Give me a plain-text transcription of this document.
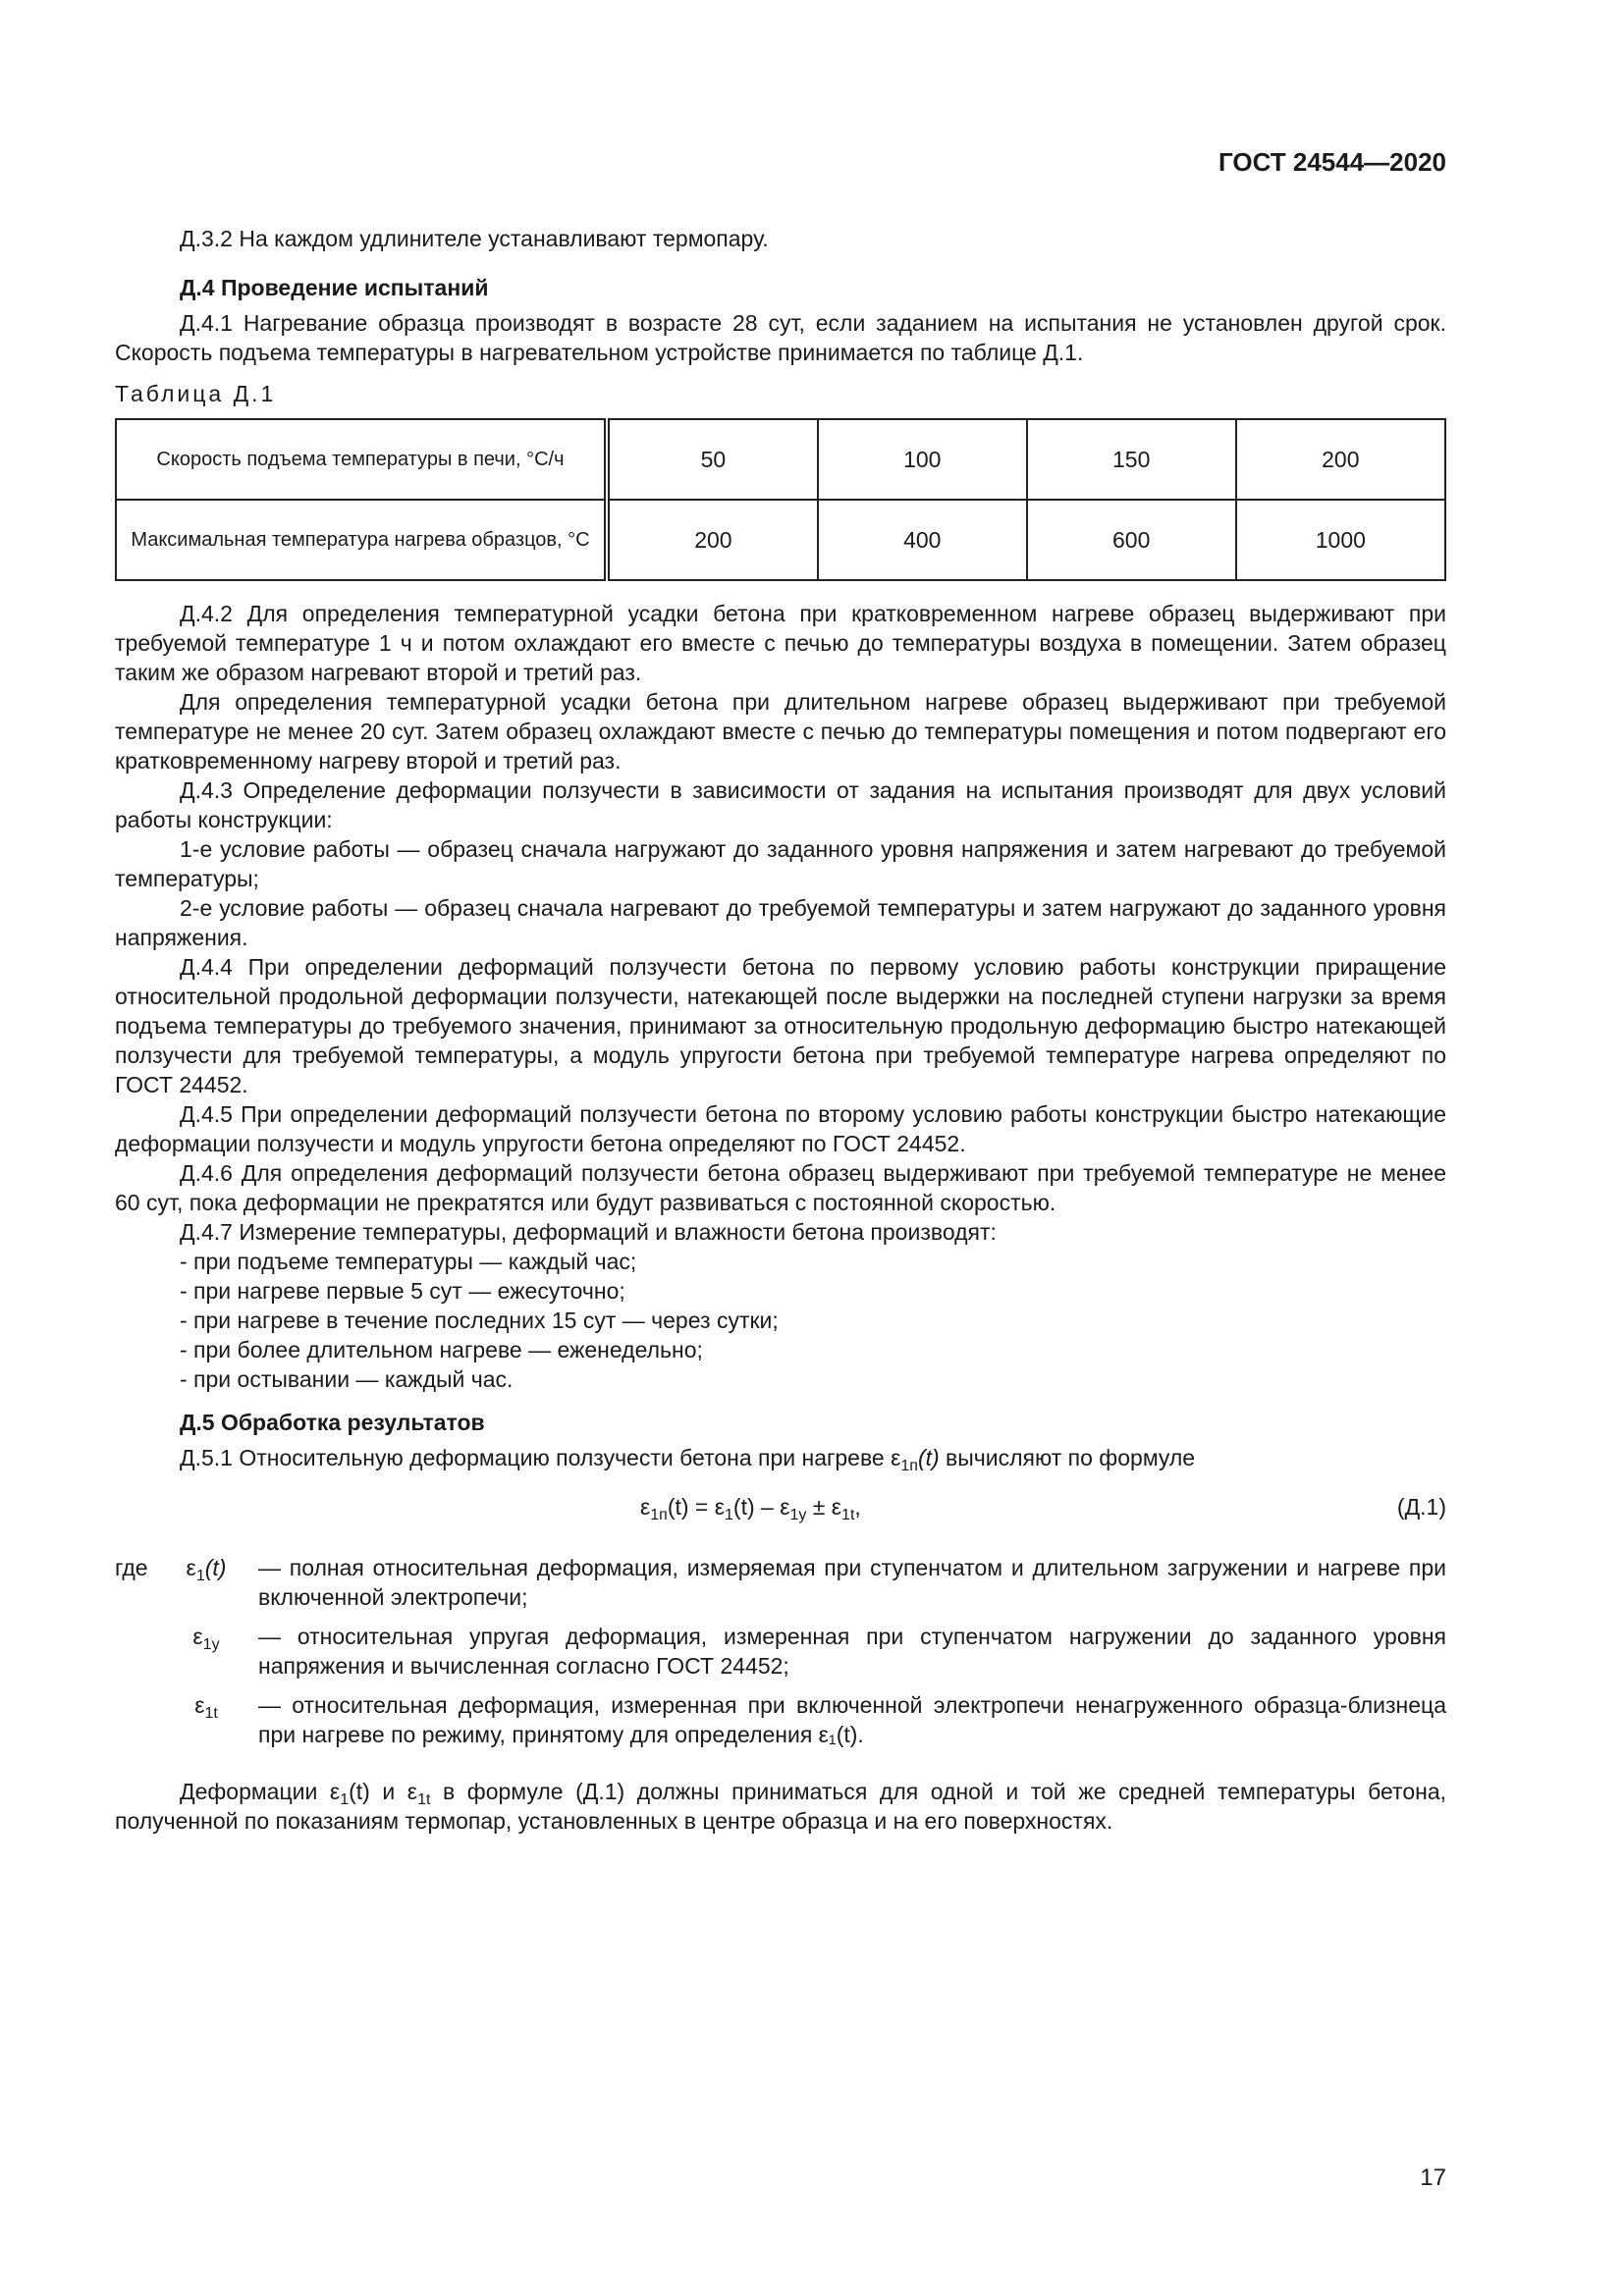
ГОСТ 24544—2020

Д.3.2 На каждом удлинителе устанавливают термопару.

Д.4 Проведение испытаний

Д.4.1 Нагревание образца производят в возрасте 28 сут, если заданием на испытания не установлен другой срок. Скорость подъема температуры в нагревательном устройстве принимается по таблице Д.1.

Таблица Д.1

Скорость подъема температуры в печи, °С/ч	50	100	150	200
Максимальная температура нагрева образцов, °С	200	400	600	1000

Д.4.2 Для определения температурной усадки бетона при кратковременном нагреве образец выдерживают при требуемой температуре 1 ч и потом охлаждают его вместе с печью до температуры воздуха в помещении. Затем образец таким же образом нагревают второй и третий раз.

Для определения температурной усадки бетона при длительном нагреве образец выдерживают при требуемой температуре не менее 20 сут. Затем образец охлаждают вместе с печью до температуры помещения и потом подвергают его кратковременному нагреву второй и третий раз.

Д.4.3 Определение деформации ползучести в зависимости от задания на испытания производят для двух условий работы конструкции:

1-е условие работы — образец сначала нагружают до заданного уровня напряжения и затем нагревают до требуемой температуры;

2-е условие работы — образец сначала нагревают до требуемой температуры и затем нагружают до заданного уровня напряжения.

Д.4.4 При определении деформаций ползучести бетона по первому условию работы конструкции приращение относительной продольной деформации ползучести, натекающей после выдержки на последней ступени нагрузки за время подъема температуры до требуемого значения, принимают за относительную продольную деформацию быстро натекающей ползучести для требуемой температуры, а модуль упругости бетона при требуемой температуре нагрева определяют по ГОСТ 24452.

Д.4.5 При определении деформаций ползучести бетона по второму условию работы конструкции быстро натекающие деформации ползучести и модуль упругости бетона определяют по ГОСТ 24452.

Д.4.6 Для определения деформаций ползучести бетона образец выдерживают при требуемой температуре не менее 60 сут, пока деформации не прекратятся или будут развиваться с постоянной скоростью.

Д.4.7 Измерение температуры, деформаций и влажности бетона производят:

- при подъеме температуры — каждый час;

- при нагреве первые 5 сут — ежесуточно;

- при нагреве в течение последних 15 сут — через сутки;

- при более длительном нагреве — еженедельно;

- при остывании — каждый час.

Д.5 Обработка результатов

Д.5.1 Относительную деформацию ползучести бетона при нагреве $\varepsilon_{1п}(t)$ вычисляют по формуле

$\varepsilon_{1п}(t) = \varepsilon_1(t) - \varepsilon_{1у} \pm \varepsilon_{1t}$,	(Д.1)
где	$\varepsilon_1(t)$	— полная относительная деформация, измеряемая при ступенчатом и длительном загружении и нагреве при включенной электропечи;
$\varepsilon_{1у}$	— относительная упругая деформация, измеренная при ступенчатом нагружении до заданного уровня напряжения и вычисленная согласно ГОСТ 24452;
$\varepsilon_{1t}$	— относительная деформация, измеренная при включенной электропечи ненагруженного образца-близнеца при нагреве по режиму, принятому для определения ε₁(t).

Деформации $\varepsilon_1(t)$ и $\varepsilon_{1t}$ в формуле (Д.1) должны приниматься для одной и той же средней температуры бетона, полученной по показаниям термопар, установленных в центре образца и на его поверхностях.

17
